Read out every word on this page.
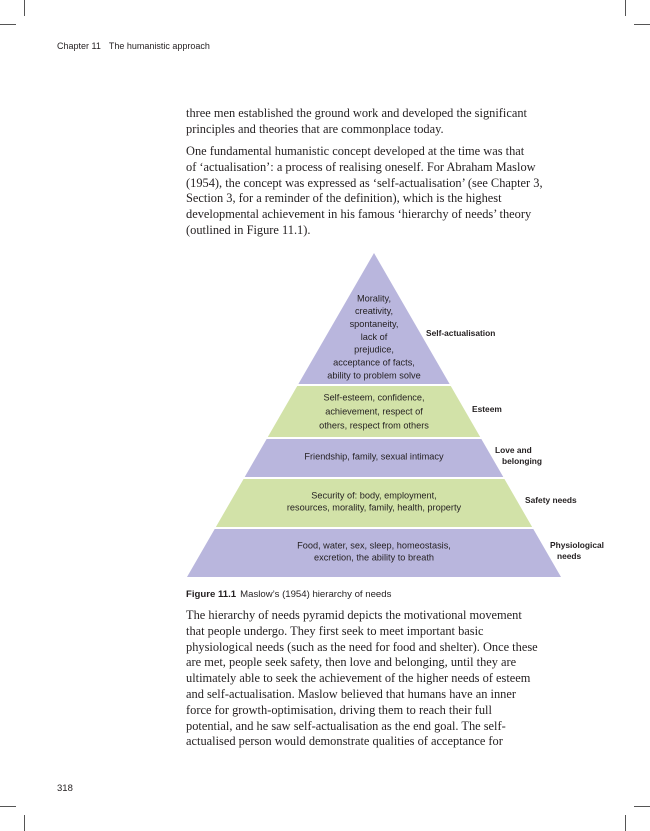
Chapter 11 The humanistic approach

three men established the ground work and developed the significant
principles and theories that are commonplace today.

One fundamental humanistic concept developed at the time was that
of ‘actualisation’: a process of realising oneself. For Abraham Maslow
(1954), the concept was expressed as ‘self-actualisation’ (see Chapter 3,
Section 3, for a reminder of the definition), which is the highest
developmental achievement in his famous ‘hierarchy of needs’ theory
(outlined in Figure 11.1).

Morality,
creativity,
spontaneity,
lack of
prejudice,
acceptance of facts,
ability to problem solve
Self-actualisation
Self-esteem, confidence,
achievement, respect of
others, respect from others
Esteem
Friendship, family, sexual intimacy
Love and
belonging
Security of: body, employment,
resources, morality, family, health, property
Safety needs
Food, water, sex, sleep, homeostasis,
excretion, the ability to breath
Physiological
needs
Figure 11.1 Maslow’s (1954) hierarchy of needs

The hierarchy of needs pyramid depicts the motivational movement
that people undergo. They first seek to meet important basic
physiological needs (such as the need for food and shelter). Once these
are met, people seek safety, then love and belonging, until they are
ultimately able to seek the achievement of the higher needs of esteem
and self-actualisation. Maslow believed that humans have an inner
force for growth-optimisation, driving them to reach their full
potential, and he saw self-actualisation as the end goal. The self-
actualised person would demonstrate qualities of acceptance for

318
